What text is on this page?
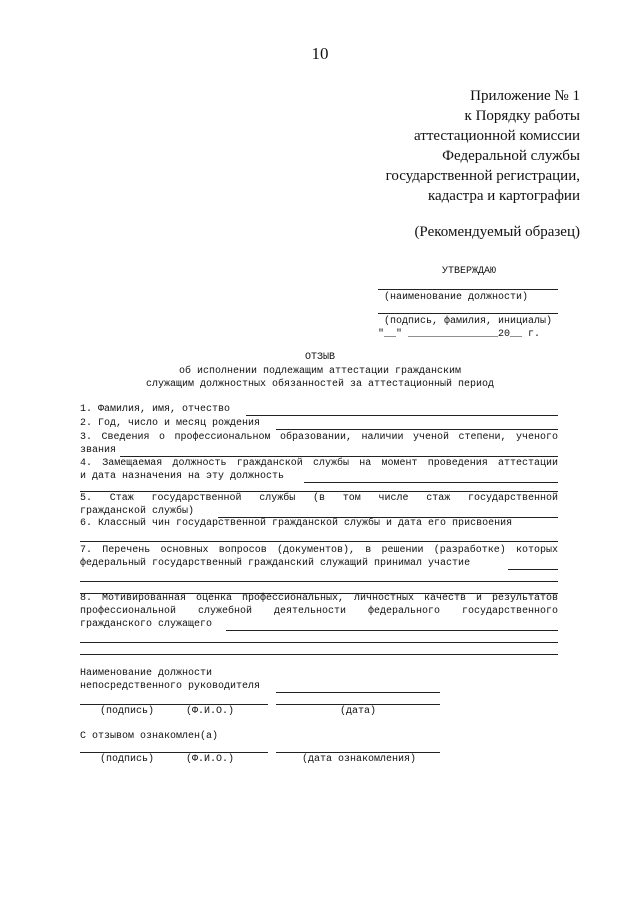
10
Приложение № 1
к Порядку работы
аттестационной комиссии
Федеральной службы
государственной регистрации,
кадастра и картографии
(Рекомендуемый образец)
УТВЕРЖДАЮ
(наименование должности)
(подпись, фамилия, инициалы)
"__" _______________20__ г.
ОТЗЫВ
об исполнении подлежащим аттестации гражданским
служащим должностных обязанностей за аттестационный период
1. Фамилия, имя, отчество
2. Год, число и месяц рождения
3. Сведения о профессиональном образовании, наличии ученой степени, ученого
звания
4. Замещаемая должность гражданской службы на момент проведения аттестации
и дата назначения на эту должность
5. Стаж государственной службы (в том числе стаж государственной
гражданской службы)
6. Классный чин государственной гражданской службы и дата его присвоения
7. Перечень основных вопросов (документов), в решении (разработке) которых
федеральный государственный гражданский служащий принимал участие
8. Мотивированная оценка профессиональных, личностных качеств и результатов
профессиональной служебной деятельности федерального государственного
гражданского служащего
Наименование должности
непосредственного руководителя
(подпись)	(Ф.И.О.)	(дата)
С отзывом ознакомлен(а)
(подпись)	(Ф.И.О.)	(дата ознакомления)
